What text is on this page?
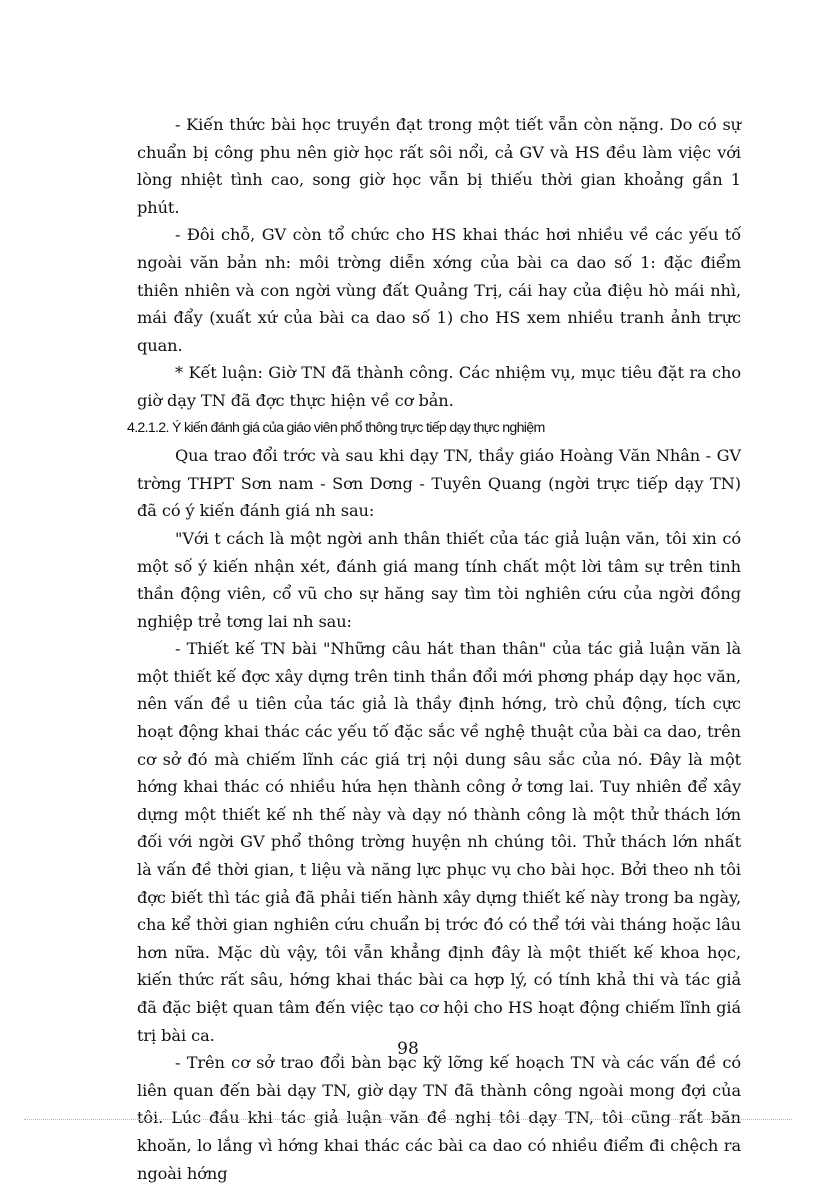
- Kiến thức bài học truyền đạt trong một tiết vẫn còn nặng. Do có sự chuẩn bị công phu nên giờ học rất sôi nổi, cả GV và HS đều làm việc với lòng nhiệt tình cao, song giờ học vẫn bị thiếu thời gian khoảng gần 1 phút.

- Đôi chỗ, GV còn tổ chức cho HS khai thác hơi nhiều về các yếu tố ngoài văn bản nh: môi trờng diễn xớng của bài ca dao số 1: đặc điểm thiên nhiên và con ngời vùng đất Quảng Trị, cái hay của điệu hò mái nhì, mái đẩy (xuất xứ của bài ca dao số 1) cho HS xem nhiều tranh ảnh trực quan.

* Kết luận: Giờ TN đã thành công. Các nhiệm vụ, mục tiêu đặt ra cho giờ dạy TN đã đợc thực hiện về cơ bản.

4.2.1.2. Ý kiến đánh giá của giáo viên phổ thông trực tiếp dạy thực nghiệm

Qua trao đổi trớc và sau khi dạy TN, thầy giáo Hoàng Văn Nhân - GV trờng THPT Sơn nam - Sơn Dơng - Tuyên Quang (ngời trực tiếp dạy TN) đã có ý kiến đánh giá nh sau:

"Với t cách là một ngời anh thân thiết của tác giả luận văn, tôi xin có một số ý kiến nhận xét, đánh giá mang tính chất một lời tâm sự trên tinh thần động viên, cổ vũ cho sự hăng say tìm tòi nghiên cứu của ngời đồng nghiệp trẻ tơng lai nh sau:

- Thiết kế TN bài "Những câu hát than thân" của tác giả luận văn là một thiết kế đợc xây dựng trên tinh thần đổi mới phơng pháp dạy học văn, nên vấn đề u tiên của tác giả là thầy định hớng, trò chủ động, tích cực hoạt động khai thác các yếu tố đặc sắc về nghệ thuật của bài ca dao, trên cơ sở đó mà chiếm lĩnh các giá trị nội dung sâu sắc của nó. Đây là một hớng khai thác có nhiều hứa hẹn thành công ở tơng lai. Tuy nhiên để xây dựng một thiết kế nh thế này và dạy nó thành công là một thử thách lớn đối với ngời GV phổ thông trờng huyện nh chúng tôi. Thử thách lớn nhất là vấn đề thời gian, t liệu và năng lực phục vụ cho bài học. Bởi theo nh tôi đợc biết thì tác giả đã phải tiến hành xây dựng thiết kế này trong ba ngày, cha kể thời gian nghiên cứu chuẩn bị trớc đó có thể tới vài tháng hoặc lâu hơn nữa. Mặc dù vậy, tôi vẫn khẳng định đây là một thiết kế khoa học, kiến thức rất sâu, hớng khai thác bài ca hợp lý, có tính khả thi và tác giả đã đặc biệt quan tâm đến việc tạo cơ hội cho HS hoạt động chiếm lĩnh giá trị bài ca.

- Trên cơ sở trao đổi bàn bạc kỹ lỡng kế hoạch TN và các vấn đề có liên quan đến bài dạy TN, giờ dạy TN đã thành công ngoài mong đợi của tôi. Lúc đầu khi tác giả luận văn đề nghị tôi dạy TN, tôi cũng rất băn khoăn, lo lắng vì hớng khai thác các bài ca dao có nhiều điểm đi chệch ra ngoài hớng

98
